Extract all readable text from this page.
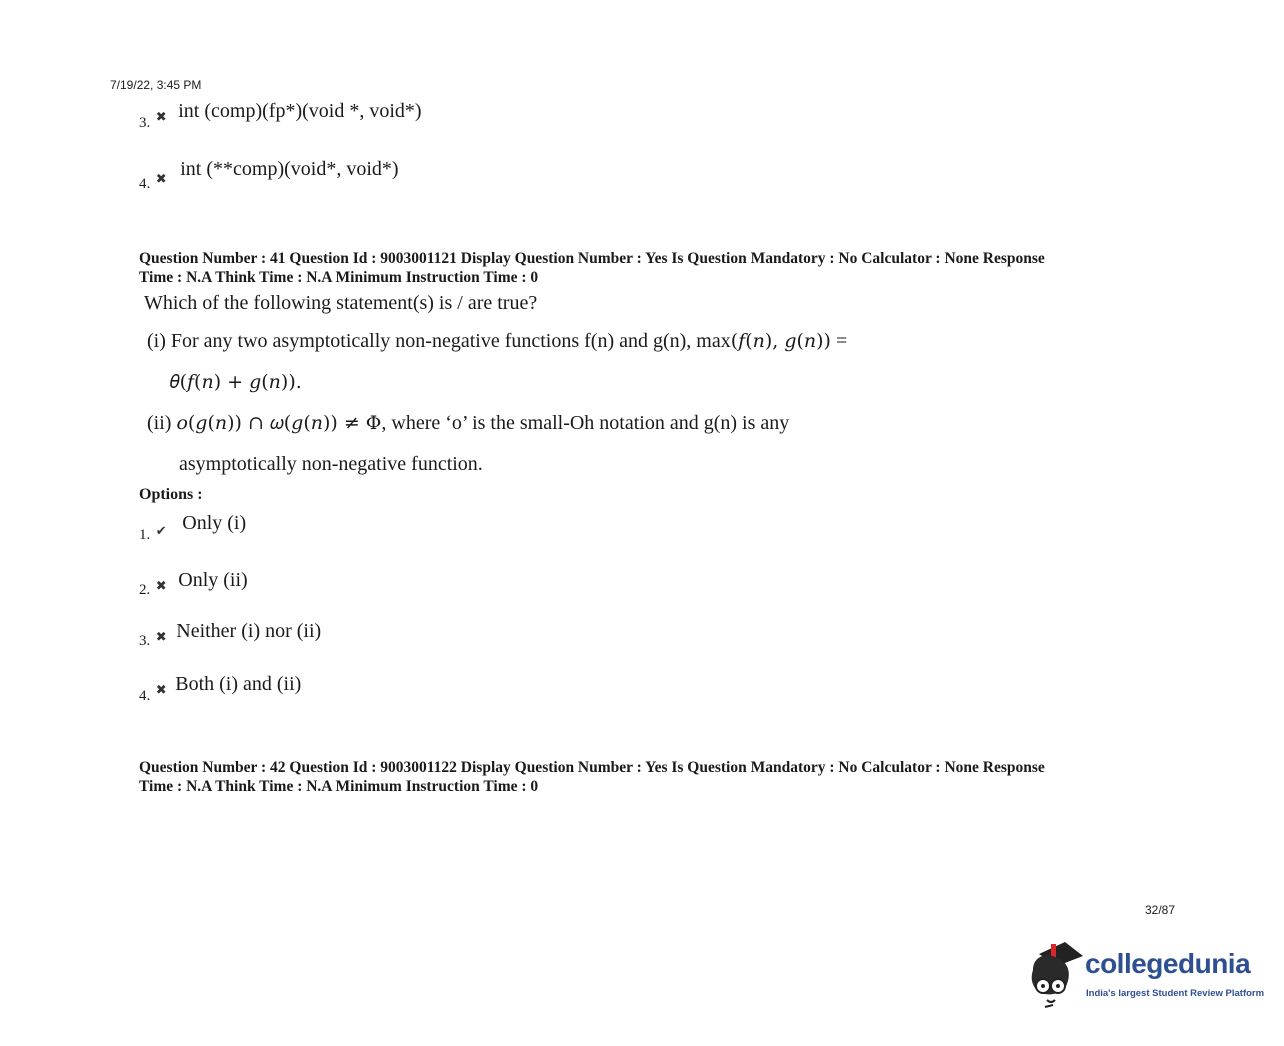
7/19/22, 3:45 PM
3. ✖ int (comp)(fp*)(void *, void*)
4. ✖ int (**comp)(void*, void*)
Question Number : 41 Question Id : 9003001121 Display Question Number : Yes Is Question Mandatory : No Calculator : None Response
Time : N.A Think Time : N.A Minimum Instruction Time : 0
Which of the following statement(s) is / are true?
(i) For any two asymptotically non-negative functions f(n) and g(n), max(𝑓(𝑛), 𝑔(𝑛)) =
𝜃(𝑓(𝑛) + 𝑔(𝑛)).
(ii) 𝑜(𝑔(𝑛)) ∩ 𝜔(𝑔(𝑛)) ≠ Φ, where ‘o’ is the small-Oh notation and g(n) is any
asymptotically non-negative function.
Options :
1. ✔ Only (i)
2. ✖ Only (ii)
3. ✖ Neither (i) nor (ii)
4. ✖ Both (i) and (ii)
Question Number : 42 Question Id : 9003001122 Display Question Number : Yes Is Question Mandatory : No Calculator : None Response
Time : N.A Think Time : N.A Minimum Instruction Time : 0
32/87
collegedunia
India's largest Student Review Platform
